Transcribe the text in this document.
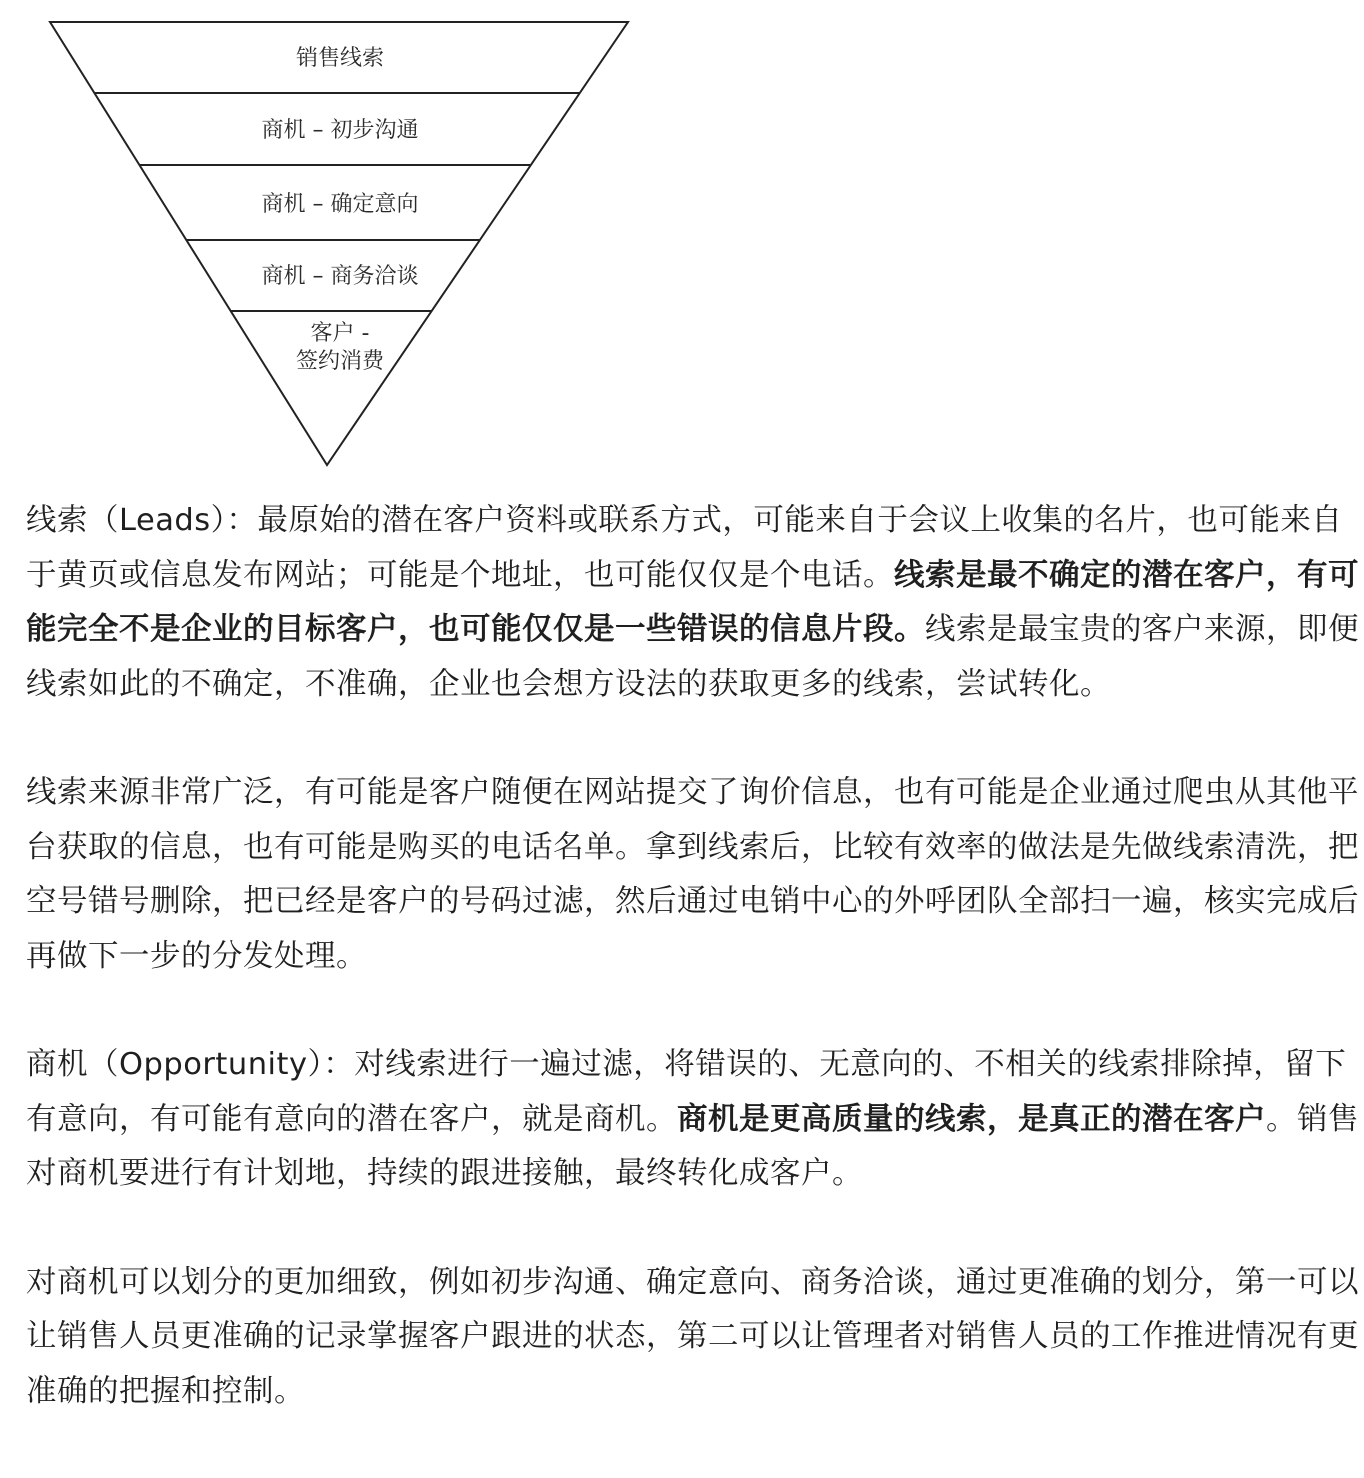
销售线索
商机 – 初步沟通
商机 – 确定意向
商机 – 商务洽谈
客户 -
签约消费

线索（Leads）：最原始的潜在客户资料或联系方式，可能来自于会议上收集的名片，也可能来自于黄页或信息发布网站；可能是个地址，也可能仅仅是个电话。线索是最不确定的潜在客户，有可能完全不是企业的目标客户，也可能仅仅是一些错误的信息片段。线索是最宝贵的客户来源，即便线索如此的不确定，不准确，企业也会想方设法的获取更多的线索，尝试转化。

线索来源非常广泛，有可能是客户随便在网站提交了询价信息，也有可能是企业通过爬虫从其他平台获取的信息，也有可能是购买的电话名单。拿到线索后，比较有效率的做法是先做线索清洗，把空号错号删除，把已经是客户的号码过滤，然后通过电销中心的外呼团队全部扫一遍，核实完成后再做下一步的分发处理。

商机（Opportunity）：对线索进行一遍过滤，将错误的、无意向的、不相关的线索排除掉，留下有意向，有可能有意向的潜在客户，就是商机。商机是更高质量的线索，是真正的潜在客户。销售对商机要进行有计划地，持续的跟进接触，最终转化成客户。

对商机可以划分的更加细致，例如初步沟通、确定意向、商务洽谈，通过更准确的划分，第一可以让销售人员更准确的记录掌握客户跟进的状态，第二可以让管理者对销售人员的工作推进情况有更准确的把握和控制。
